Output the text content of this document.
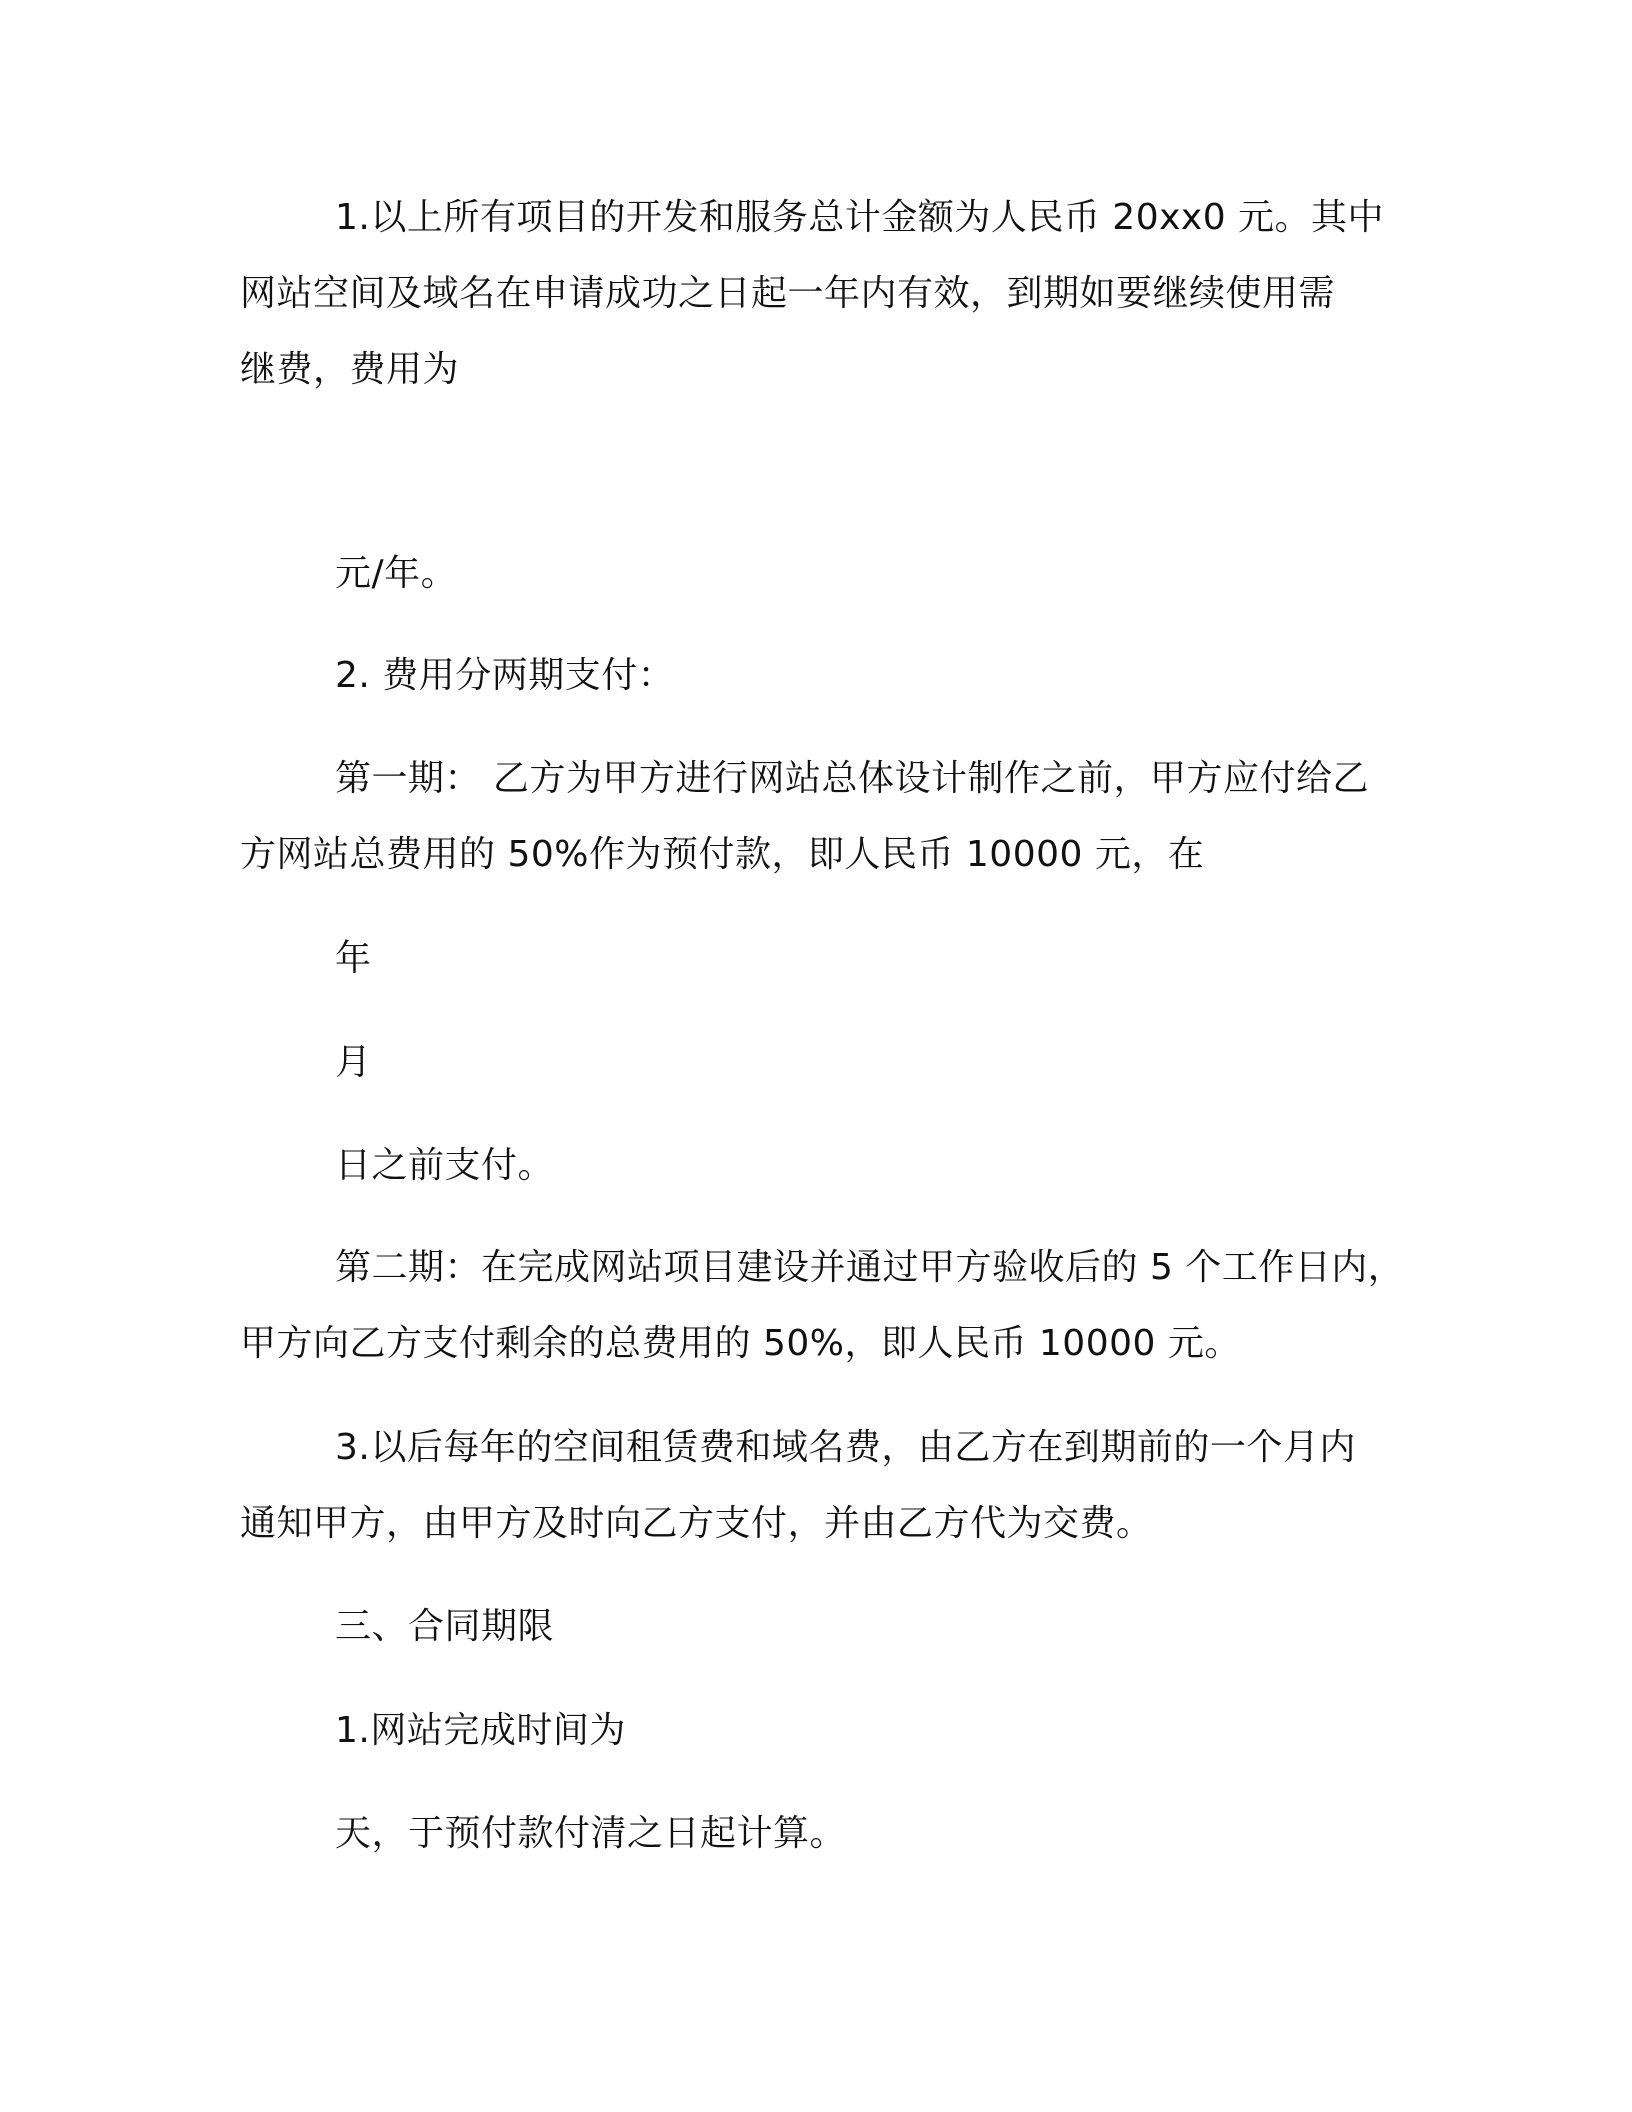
1.以上所有项目的开发和服务总计金额为人民币 20xx0 元。其中

网站空间及域名在申请成功之日起一年内有效，到期如要继续使用需

继费，费用为

元/年。

2. 费用分两期支付：

第一期： 乙方为甲方进行网站总体设计制作之前，甲方应付给乙

方网站总费用的 50%作为预付款，即人民币 10000 元，在

年

月

日之前支付。

第二期：在完成网站项目建设并通过甲方验收后的 5 个工作日内，

甲方向乙方支付剩余的总费用的 50%，即人民币 10000 元。

3.以后每年的空间租赁费和域名费，由乙方在到期前的一个月内

通知甲方，由甲方及时向乙方支付，并由乙方代为交费。

三、合同期限

1.网站完成时间为

天，于预付款付清之日起计算。
